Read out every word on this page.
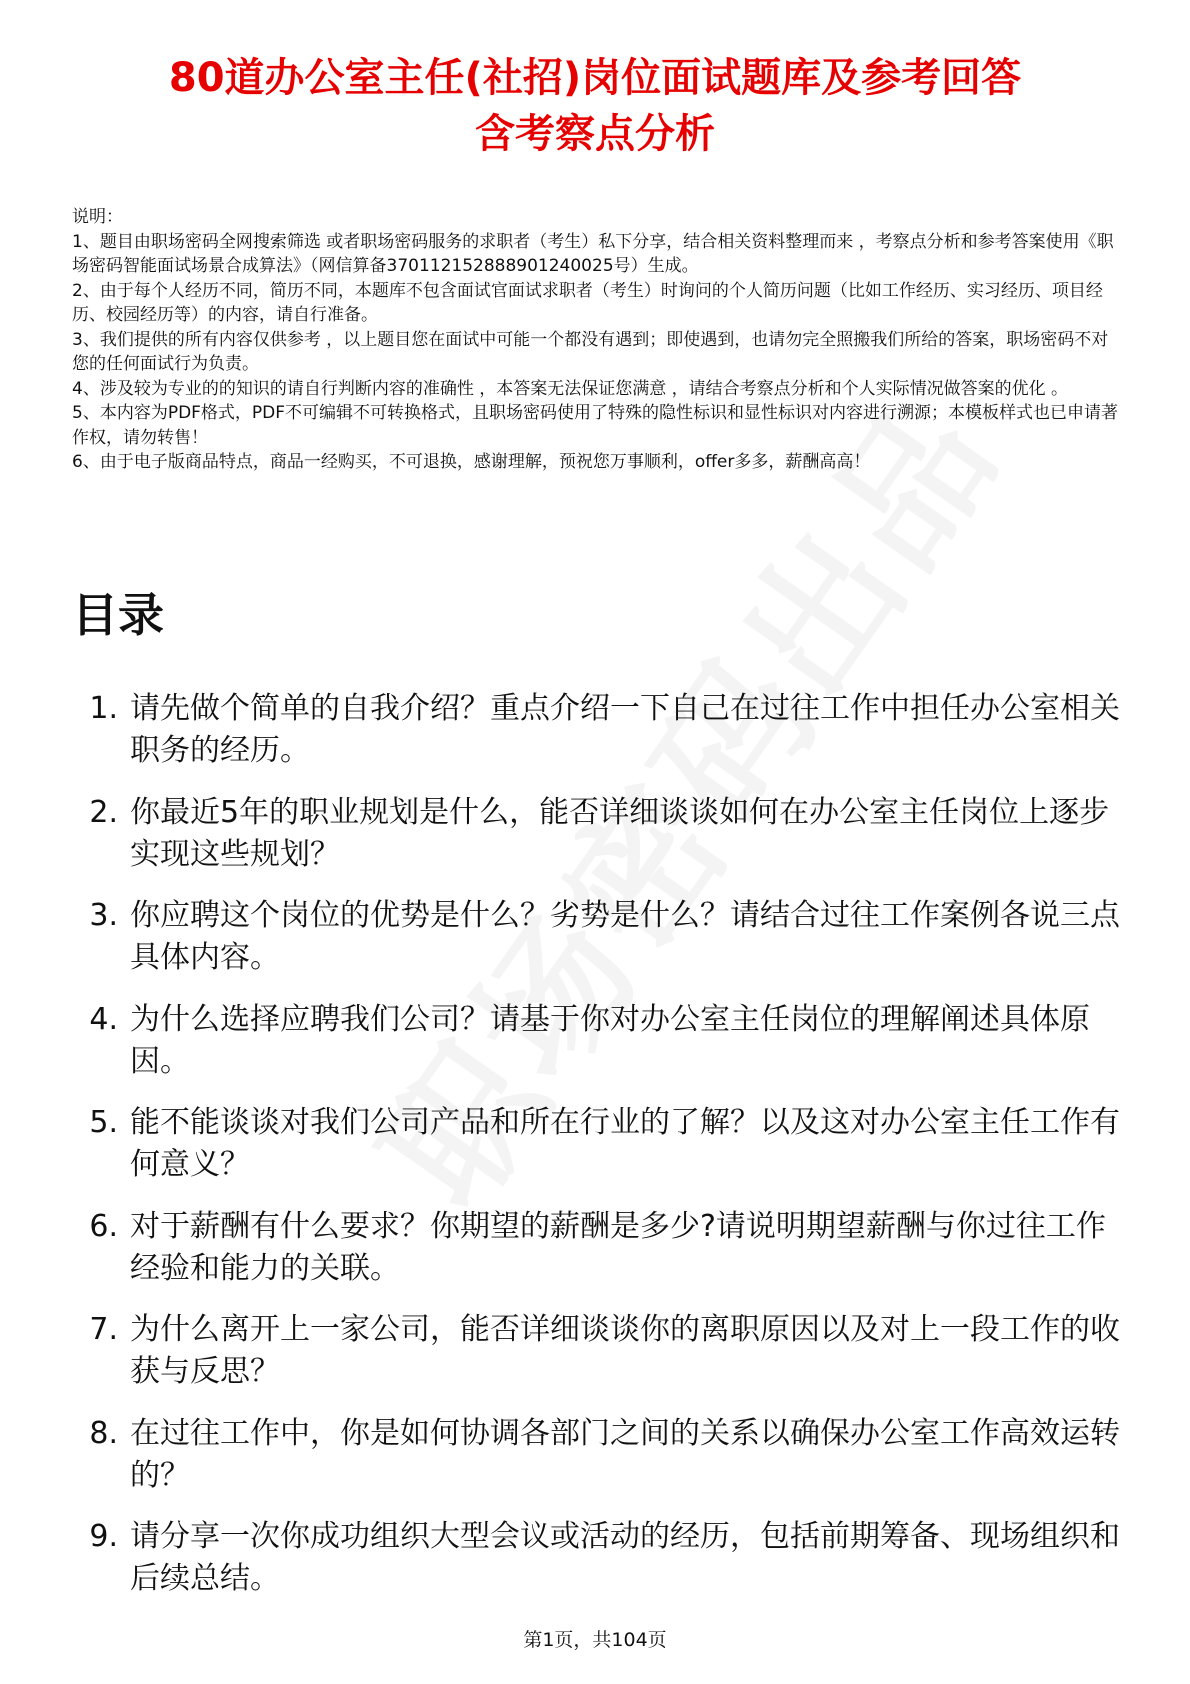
80道办公室主任(社招)岗位面试题库及参考回答
含考察点分析

说明：

1、题目由职场密码全网搜索筛选 或者职场密码服务的求职者（考生）私下分享，结合相关资料整理而来 ，考察点分析和参考答案使用《职场密码智能面试场景合成算法》（网信算备370112152888901240025号）生成。

2、由于每个人经历不同，简历不同，本题库不包含面试官面试求职者（考生）时询问的个人简历问题（比如工作经历、实习经历、项目经历、校园经历等）的内容，请自行准备。

3、我们提供的所有内容仅供参考 ，以上题目您在面试中可能一个都没有遇到；即使遇到，也请勿完全照搬我们所给的答案，职场密码不对您的任何面试行为负责。

4、涉及较为专业的的知识的请自行判断内容的准确性 ，本答案无法保证您满意 ，请结合考察点分析和个人实际情况做答案的优化 。

5、本内容为PDF格式，PDF不可编辑不可转换格式，且职场密码使用了特殊的隐性标识和显性标识对内容进行溯源；本模板样式也已申请著作权，请勿转售！

6、由于电子版商品特点，商品一经购买，不可退换，感谢理解，预祝您万事顺利，offer多多，薪酬高高！

目录
1. 请先做个简单的自我介绍？重点介绍一下自己在过往工作中担任办公室相关职务的经历。
2. 你最近5年的职业规划是什么，能否详细谈谈如何在办公室主任岗位上逐步实现这些规划？
3. 你应聘这个岗位的优势是什么？劣势是什么？请结合过往工作案例各说三点具体内容。
4. 为什么选择应聘我们公司？请基于你对办公室主任岗位的理解阐述具体原因。
5. 能不能谈谈对我们公司产品和所在行业的了解？以及这对办公室主任工作有何意义？
6. 对于薪酬有什么要求？你期望的薪酬是多少?请说明期望薪酬与你过往工作经验和能力的关联。
7. 为什么离开上一家公司，能否详细谈谈你的离职原因以及对上一段工作的收获与反思？
8. 在过往工作中，你是如何协调各部门之间的关系以确保办公室工作高效运转的？
9. 请分享一次你成功组织大型会议或活动的经历，包括前期筹备、现场组织和后续总结。
第1页，共104页
